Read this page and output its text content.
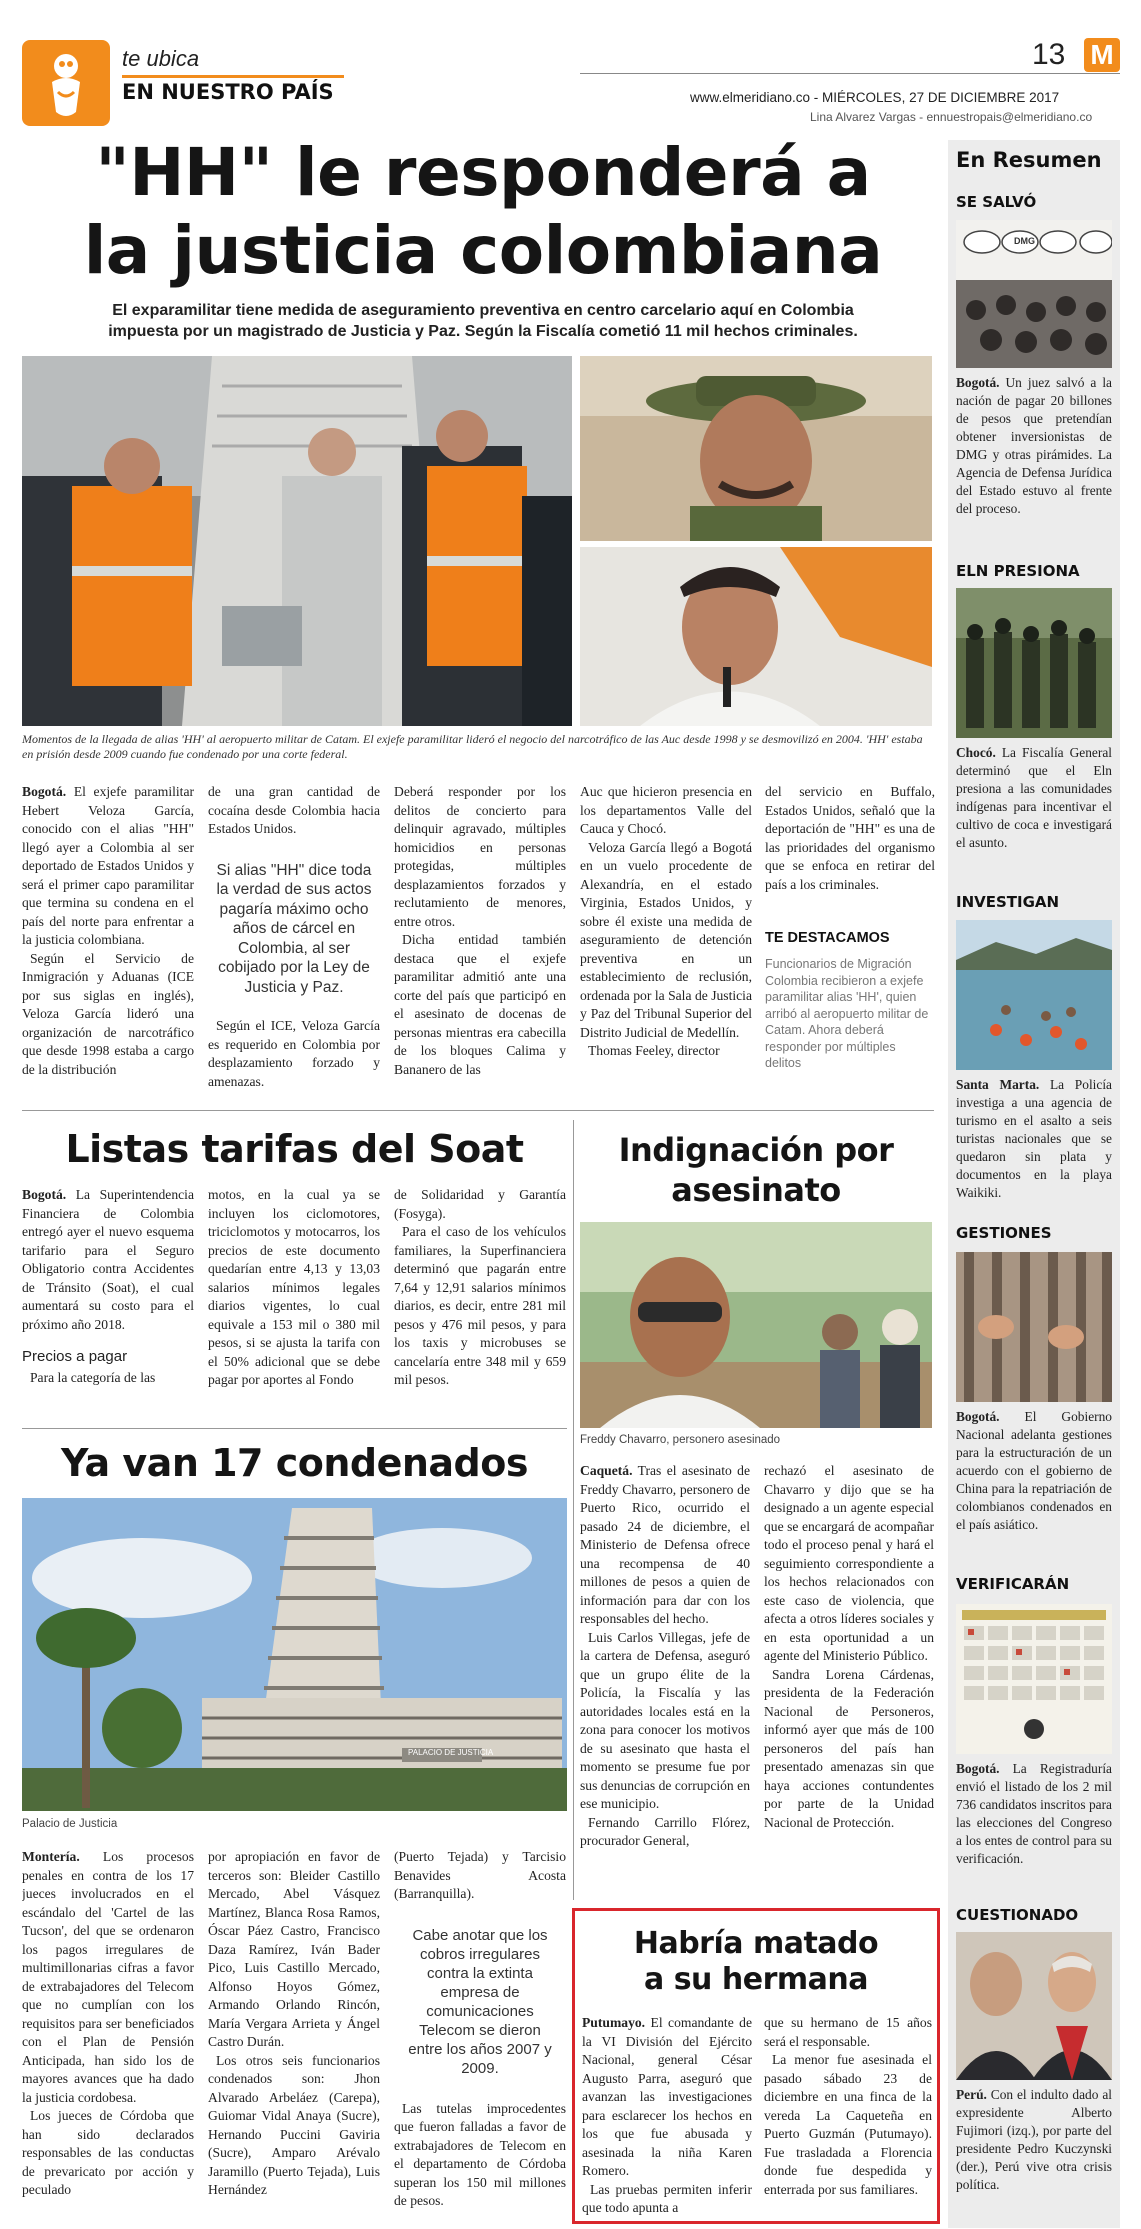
te ubica
EN NUESTRO PAÍS
13 M
www.elmeridiano.co - MIÉRCOLES, 27 DE DICIEMBRE 2017
Lina Alvarez Vargas - ennuestropais@elmeridiano.co
"HH" le responderá a
la justicia colombiana
El exparamilitar tiene medida de aseguramiento preventiva en centro carcelario aquí en Colombia
impuesta por un magistrado de Justicia y Paz. Según la Fiscalía cometió 11 mil hechos criminales.
Momentos de la llegada de alias 'HH' al aeropuerto militar de Catam. El exjefe paramilitar lideró el negocio del narcotráfico de las Auc desde 1998 y se desmovilizó en 2004. 'HH' estaba en prisión desde 2009 cuando fue condenado por una corte federal.

Bogotá. El exjefe paramilitar Hebert Veloza García, conocido con el alias "HH" llegó ayer a Colombia al ser deportado de Estados Unidos y será el primer capo paramilitar que termina su condena en el país del norte para enfrentar a la justicia colombiana.

Según el Servicio de Inmigración y Aduanas (ICE por sus siglas en inglés), Veloza García lideró una organización de narcotráfico que desde 1998 estaba a cargo de la distribución

de una gran cantidad de cocaína desde Colombia hacia Estados Unidos.

Si alias "HH" dice toda la verdad de sus actos pagaría máximo ocho años de cárcel en Colombia, al ser cobijado por la Ley de Justicia y Paz.

Según el ICE, Veloza García es requerido en Colombia por desplazamiento forzado y amenazas.

Deberá responder por los delitos de concierto para delinquir agravado, múltiples homicidios en personas protegidas, múltiples desplazamientos forzados y reclutamiento de menores, entre otros.

Dicha entidad también destaca que el exjefe paramilitar admitió ante una corte del país que participó en el asesinato de docenas de personas mientras era cabecilla de los bloques Calima y Bananero de las

Auc que hicieron presencia en los departamentos Valle del Cauca y Chocó.

Veloza García llegó a Bogotá en un vuelo procedente de Alexandría, en el estado Virginia, Estados Unidos, y sobre él existe una medida de aseguramiento de detención preventiva en un establecimiento de reclusión, ordenada por la Sala de Justicia y Paz del Tribunal Superior del Distrito Judicial de Medellín.

Thomas Feeley, director

del servicio en Buffalo, Estados Unidos, señaló que la deportación de "HH" es una de las prioridades del organismo que se enfoca en retirar del país a los criminales.

TE DESTACAMOS
Funcionarios de Migración Colombia recibieron a exjefe paramilitar alias 'HH', quien arribó al aeropuerto militar de Catam. Ahora deberá responder por múltiples delitos
Listas tarifas del Soat

Bogotá. La Superintendencia Financiera de Colombia entregó ayer el nuevo esquema tarifario para el Seguro Obligatorio contra Accidentes de Tránsito (Soat), el cual aumentará su costo para el próximo año 2018.

Precios a pagar

Para la categoría de las

motos, en la cual ya se incluyen los ciclomotores, triciclomotos y motocarros, los precios de este documento quedarían entre 4,13 y 13,03 salarios mínimos legales diarios vigentes, lo cual equivale a 153 mil o 380 mil pesos, si se ajusta la tarifa con el 50% adicional que se debe pagar por aportes al Fondo

de Solidaridad y Garantía (Fosyga).

Para el caso de los vehículos familiares, la Superfinanciera determinó que pagarán entre 7,64 y 12,91 salarios mínimos diarios, es decir, entre 281 mil pesos y 476 mil pesos, y para los taxis y microbuses se cancelaría entre 348 mil y 659 mil pesos.

Indignación por
asesinato
Freddy Chavarro, personero asesinado

Caquetá. Tras el asesinato de Freddy Chavarro, personero de Puerto Rico, ocurrido el pasado 24 de diciembre, el Ministerio de Defensa ofrece una recompensa de 40 millones de pesos a quien de información para dar con los responsables del hecho.

Luis Carlos Villegas, jefe de la cartera de Defensa, aseguró que un grupo élite de la Policía, la Fiscalía y las autoridades locales está en la zona para conocer los motivos de su asesinato que hasta el momento se presume fue por sus denuncias de corrupción en ese municipio.

Fernando Carrillo Flórez, procurador General,

rechazó el asesinato de Chavarro y dijo que se ha designado a un agente especial que se encargará de acompañar todo el proceso penal y hará el seguimiento correspondiente a los hechos relacionados con este caso de violencia, que afecta a otros líderes sociales y en esta oportunidad a un agente del Ministerio Público.

Sandra Lorena Cárdenas, presidenta de la Federación Nacional de Personeros, informó ayer que más de 100 personeros del país han presentado amenazas sin que haya acciones contundentes por parte de la Unidad Nacional de Protección.

Ya van 17 condenados
PALACIO DE JUSTICIA
Palacio de Justicia

Montería. Los procesos penales en contra de los 17 jueces involucrados en el escándalo del 'Cartel de las Tucson', del que se ordenaron los pagos irregulares de multimillonarias cifras a favor de extrabajadores del Telecom que no cumplían con los requisitos para ser beneficiados con el Plan de Pensión Anticipada, han sido los de mayores avances que ha dado la justicia cordobesa.

Los jueces de Córdoba que han sido declarados responsables de las conductas de prevaricato por acción y peculado

por apropiación en favor de terceros son: Bleider Castillo Mercado, Abel Vásquez Martínez, Blanca Rosa Ramos, Óscar Páez Castro, Francisco Daza Ramírez, Iván Bader Pico, Luis Castillo Mercado, Alfonso Hoyos Gómez, Armando Orlando Rincón, María Vergara Arrieta y Ángel Castro Durán.

Los otros seis funcionarios condenados son: Jhon Alvarado Arbeláez (Carepa), Guiomar Vidal Anaya (Sucre), Hernando Puccini Gaviria (Sucre), Amparo Arévalo Jaramillo (Puerto Tejada), Luis Hernández

(Puerto Tejada) y Tarcisio Benavides Acosta (Barranquilla).

Cabe anotar que los cobros irregulares contra la extinta empresa de comunicaciones Telecom se dieron entre los años 2007 y 2009.

Las tutelas improcedentes que fueron falladas a favor de extrabajadores de Telecom en el departamento de Córdoba superan los 150 mil millones de pesos.

Habría matado
a su hermana

Putumayo. El comandante de la VI División del Ejército Nacional, general César Augusto Parra, aseguró que avanzan las investigaciones para esclarecer los hechos en los que fue abusada y asesinada la niña Karen Romero.

Las pruebas permiten inferir que todo apunta a

que su hermano de 15 años será el responsable.

La menor fue asesinada el pasado sábado 23 de diciembre en una finca de la vereda La Caqueteña en Puerto Guzmán (Putumayo). Fue trasladada a Florencia donde fue despedida y enterrada por sus familiares.

En Resumen
SE SALVÓ
DMG
Bogotá. Un juez salvó a la nación de pagar 20 billones de pesos que pretendían obtener inversionistas de DMG y otras pirámides. La Agencia de Defensa Jurídica del Estado estuvo al frente del proceso.
ELN PRESIONA
Chocó. La Fiscalía General determinó que el Eln presiona a las comunidades indígenas para incentivar el cultivo de coca e investigará el asunto.
INVESTIGAN
Santa Marta. La Policía investiga a una agencia de turismo en el asalto a seis turistas nacionales que se quedaron sin plata y documentos en la playa Waikiki.
GESTIONES
Bogotá. El Gobierno Nacional adelanta gestiones para la estructuración de un acuerdo con el gobierno de China para la repatriación de colombianos condenados en el país asiático.
VERIFICARÁN
Bogotá. La Registraduría envió el listado de los 2 mil 736 candidatos inscritos para las elecciones del Congreso a los entes de control para su verificación.
CUESTIONADO
Perú. Con el indulto dado al expresidente Alberto Fujimori (izq.), por parte del presidente Pedro Kuczynski (der.), Perú vive otra crisis política.
